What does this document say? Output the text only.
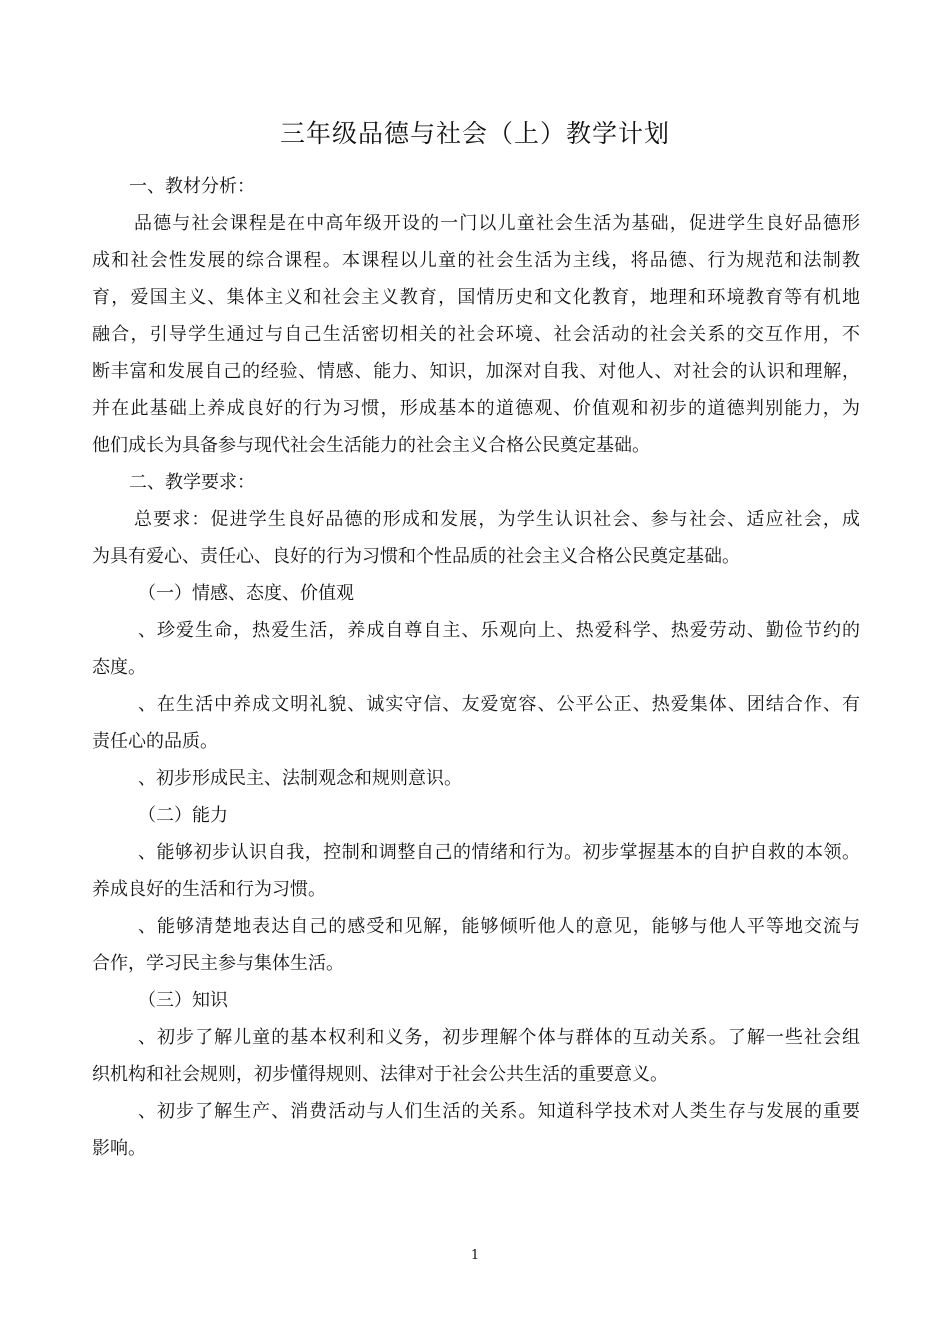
三年级品德与社会（上）教学计划
一、教材分析：
品德与社会课程是在中高年级开设的一门以儿童社会生活为基础，促进学生良好品德形
成和社会性发展的综合课程。本课程以儿童的社会生活为主线，将品德、行为规范和法制教
育，爱国主义、集体主义和社会主义教育，国情历史和文化教育，地理和环境教育等有机地
融合，引导学生通过与自己生活密切相关的社会环境、社会活动的社会关系的交互作用，不
断丰富和发展自己的经验、情感、能力、知识，加深对自我、对他人、对社会的认识和理解，
并在此基础上养成良好的行为习惯，形成基本的道德观、价值观和初步的道德判别能力，为
他们成长为具备参与现代社会生活能力的社会主义合格公民奠定基础。
二、教学要求：
总要求：促进学生良好品德的形成和发展，为学生认识社会、参与社会、适应社会，成
为具有爱心、责任心、良好的行为习惯和个性品质的社会主义合格公民奠定基础。
（一）情感、态度、价值观
、珍爱生命，热爱生活，养成自尊自主、乐观向上、热爱科学、热爱劳动、勤俭节约的
态度。
、在生活中养成文明礼貌、诚实守信、友爱宽容、公平公正、热爱集体、团结合作、有
责任心的品质。
、初步形成民主、法制观念和规则意识。
（二）能力
、能够初步认识自我，控制和调整自己的情绪和行为。初步掌握基本的自护自救的本领。
养成良好的生活和行为习惯。
、能够清楚地表达自己的感受和见解，能够倾听他人的意见，能够与他人平等地交流与
合作，学习民主参与集体生活。
（三）知识
、初步了解儿童的基本权利和义务，初步理解个体与群体的互动关系。了解一些社会组
织机构和社会规则，初步懂得规则、法律对于社会公共生活的重要意义。
、初步了解生产、消费活动与人们生活的关系。知道科学技术对人类生存与发展的重要
影响。
1
